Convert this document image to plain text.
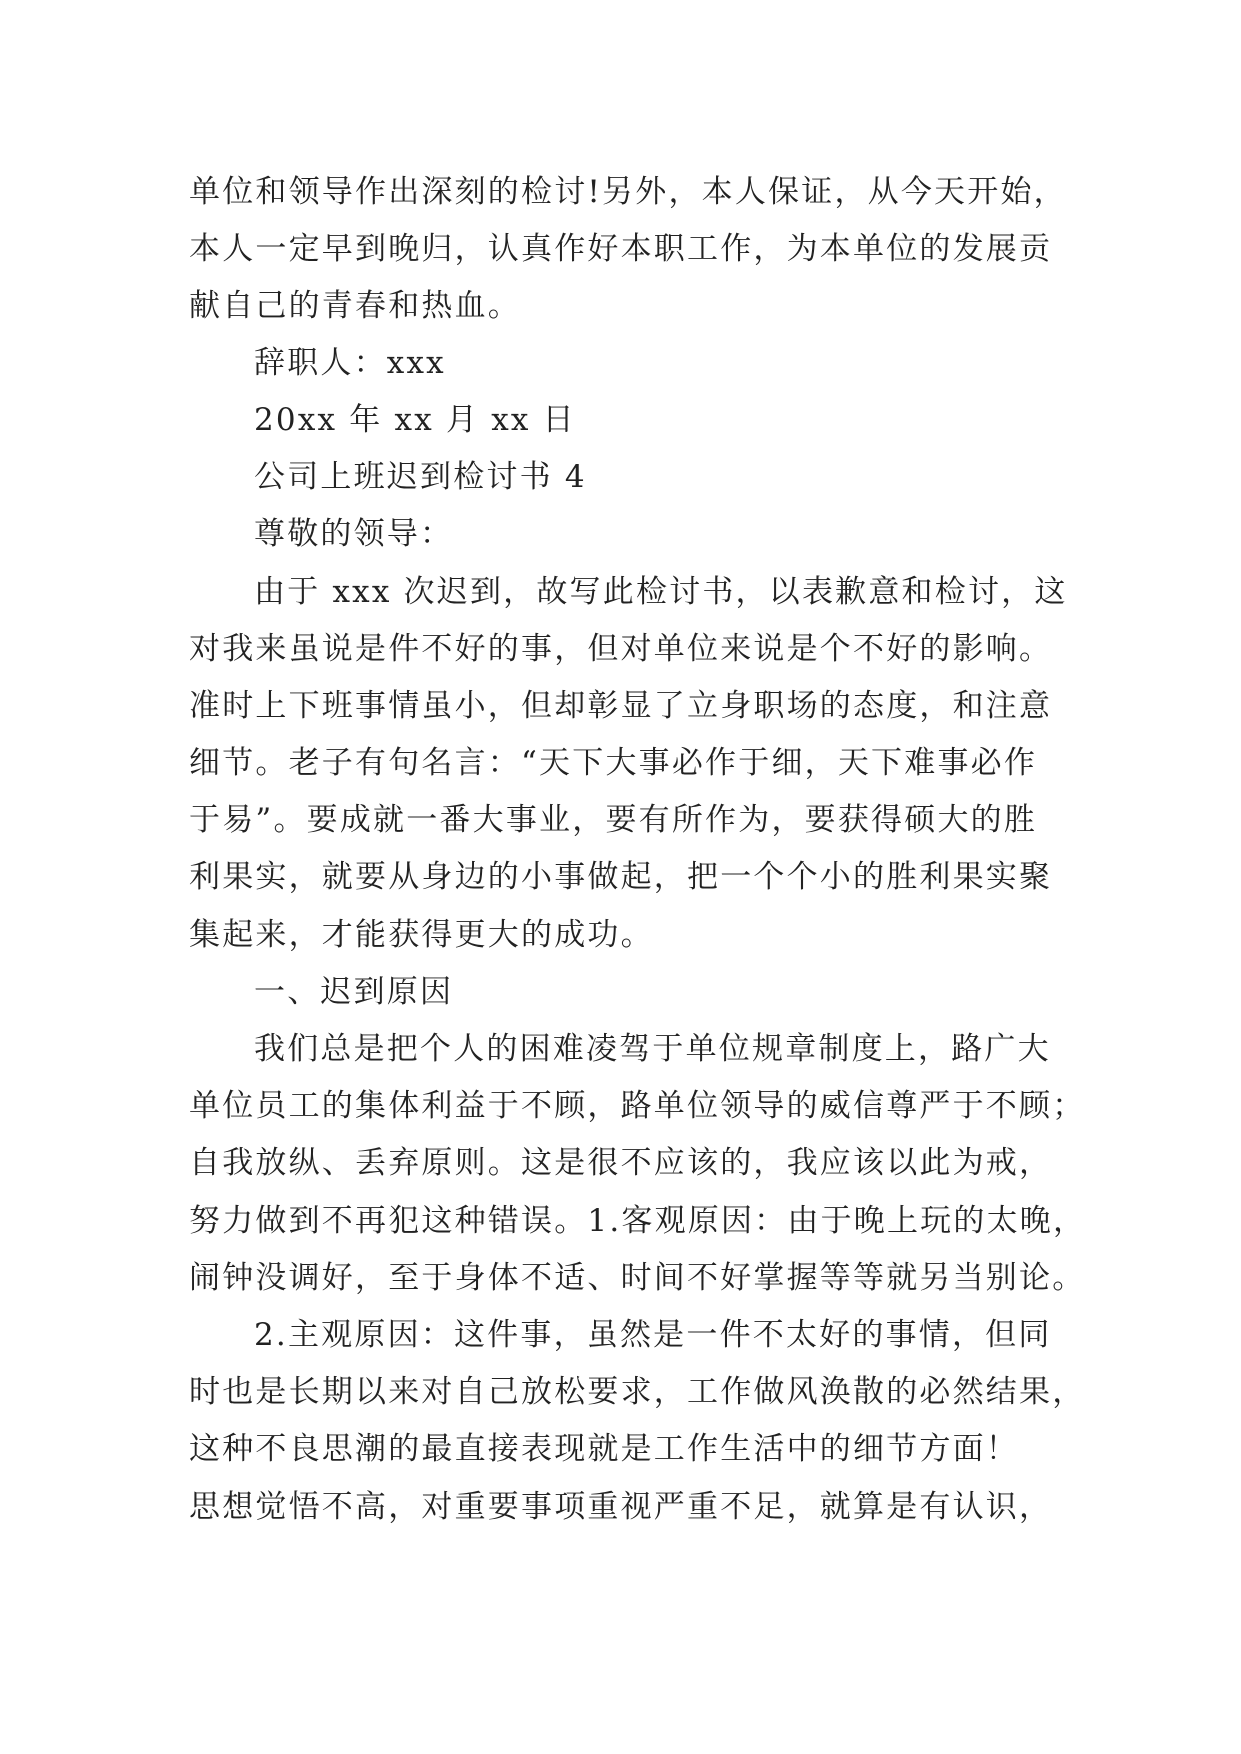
单位和领导作出深刻的检讨!另外，本人保证，从今天开始，

本人一定早到晚归，认真作好本职工作，为本单位的发展贡

献自己的青春和热血。

辞职人：xxx

20xx 年 xx 月 xx 日

公司上班迟到检讨书 4

尊敬的领导：

由于 xxx 次迟到，故写此检讨书，以表歉意和检讨，这

对我来虽说是件不好的事，但对单位来说是个不好的影响。

准时上下班事情虽小，但却彰显了立身职场的态度，和注意

细节。老子有句名言：“天下大事必作于细，天下难事必作

于易”。要成就一番大事业，要有所作为，要获得硕大的胜

利果实，就要从身边的小事做起，把一个个小的胜利果实聚

集起来，才能获得更大的成功。

一、迟到原因

我们总是把个人的困难凌驾于单位规章制度上，路广大

单位员工的集体利益于不顾，路单位领导的威信尊严于不顾；

自我放纵、丢弃原则。这是很不应该的，我应该以此为戒，

努力做到不再犯这种错误。1.客观原因：由于晚上玩的太晚，

闹钟没调好，至于身体不适、时间不好掌握等等就另当别论。

2.主观原因：这件事，虽然是一件不太好的事情，但同

时也是长期以来对自己放松要求，工作做风涣散的必然结果，

这种不良思潮的最直接表现就是工作生活中的细节方面！

思想觉悟不高，对重要事项重视严重不足，就算是有认识，
